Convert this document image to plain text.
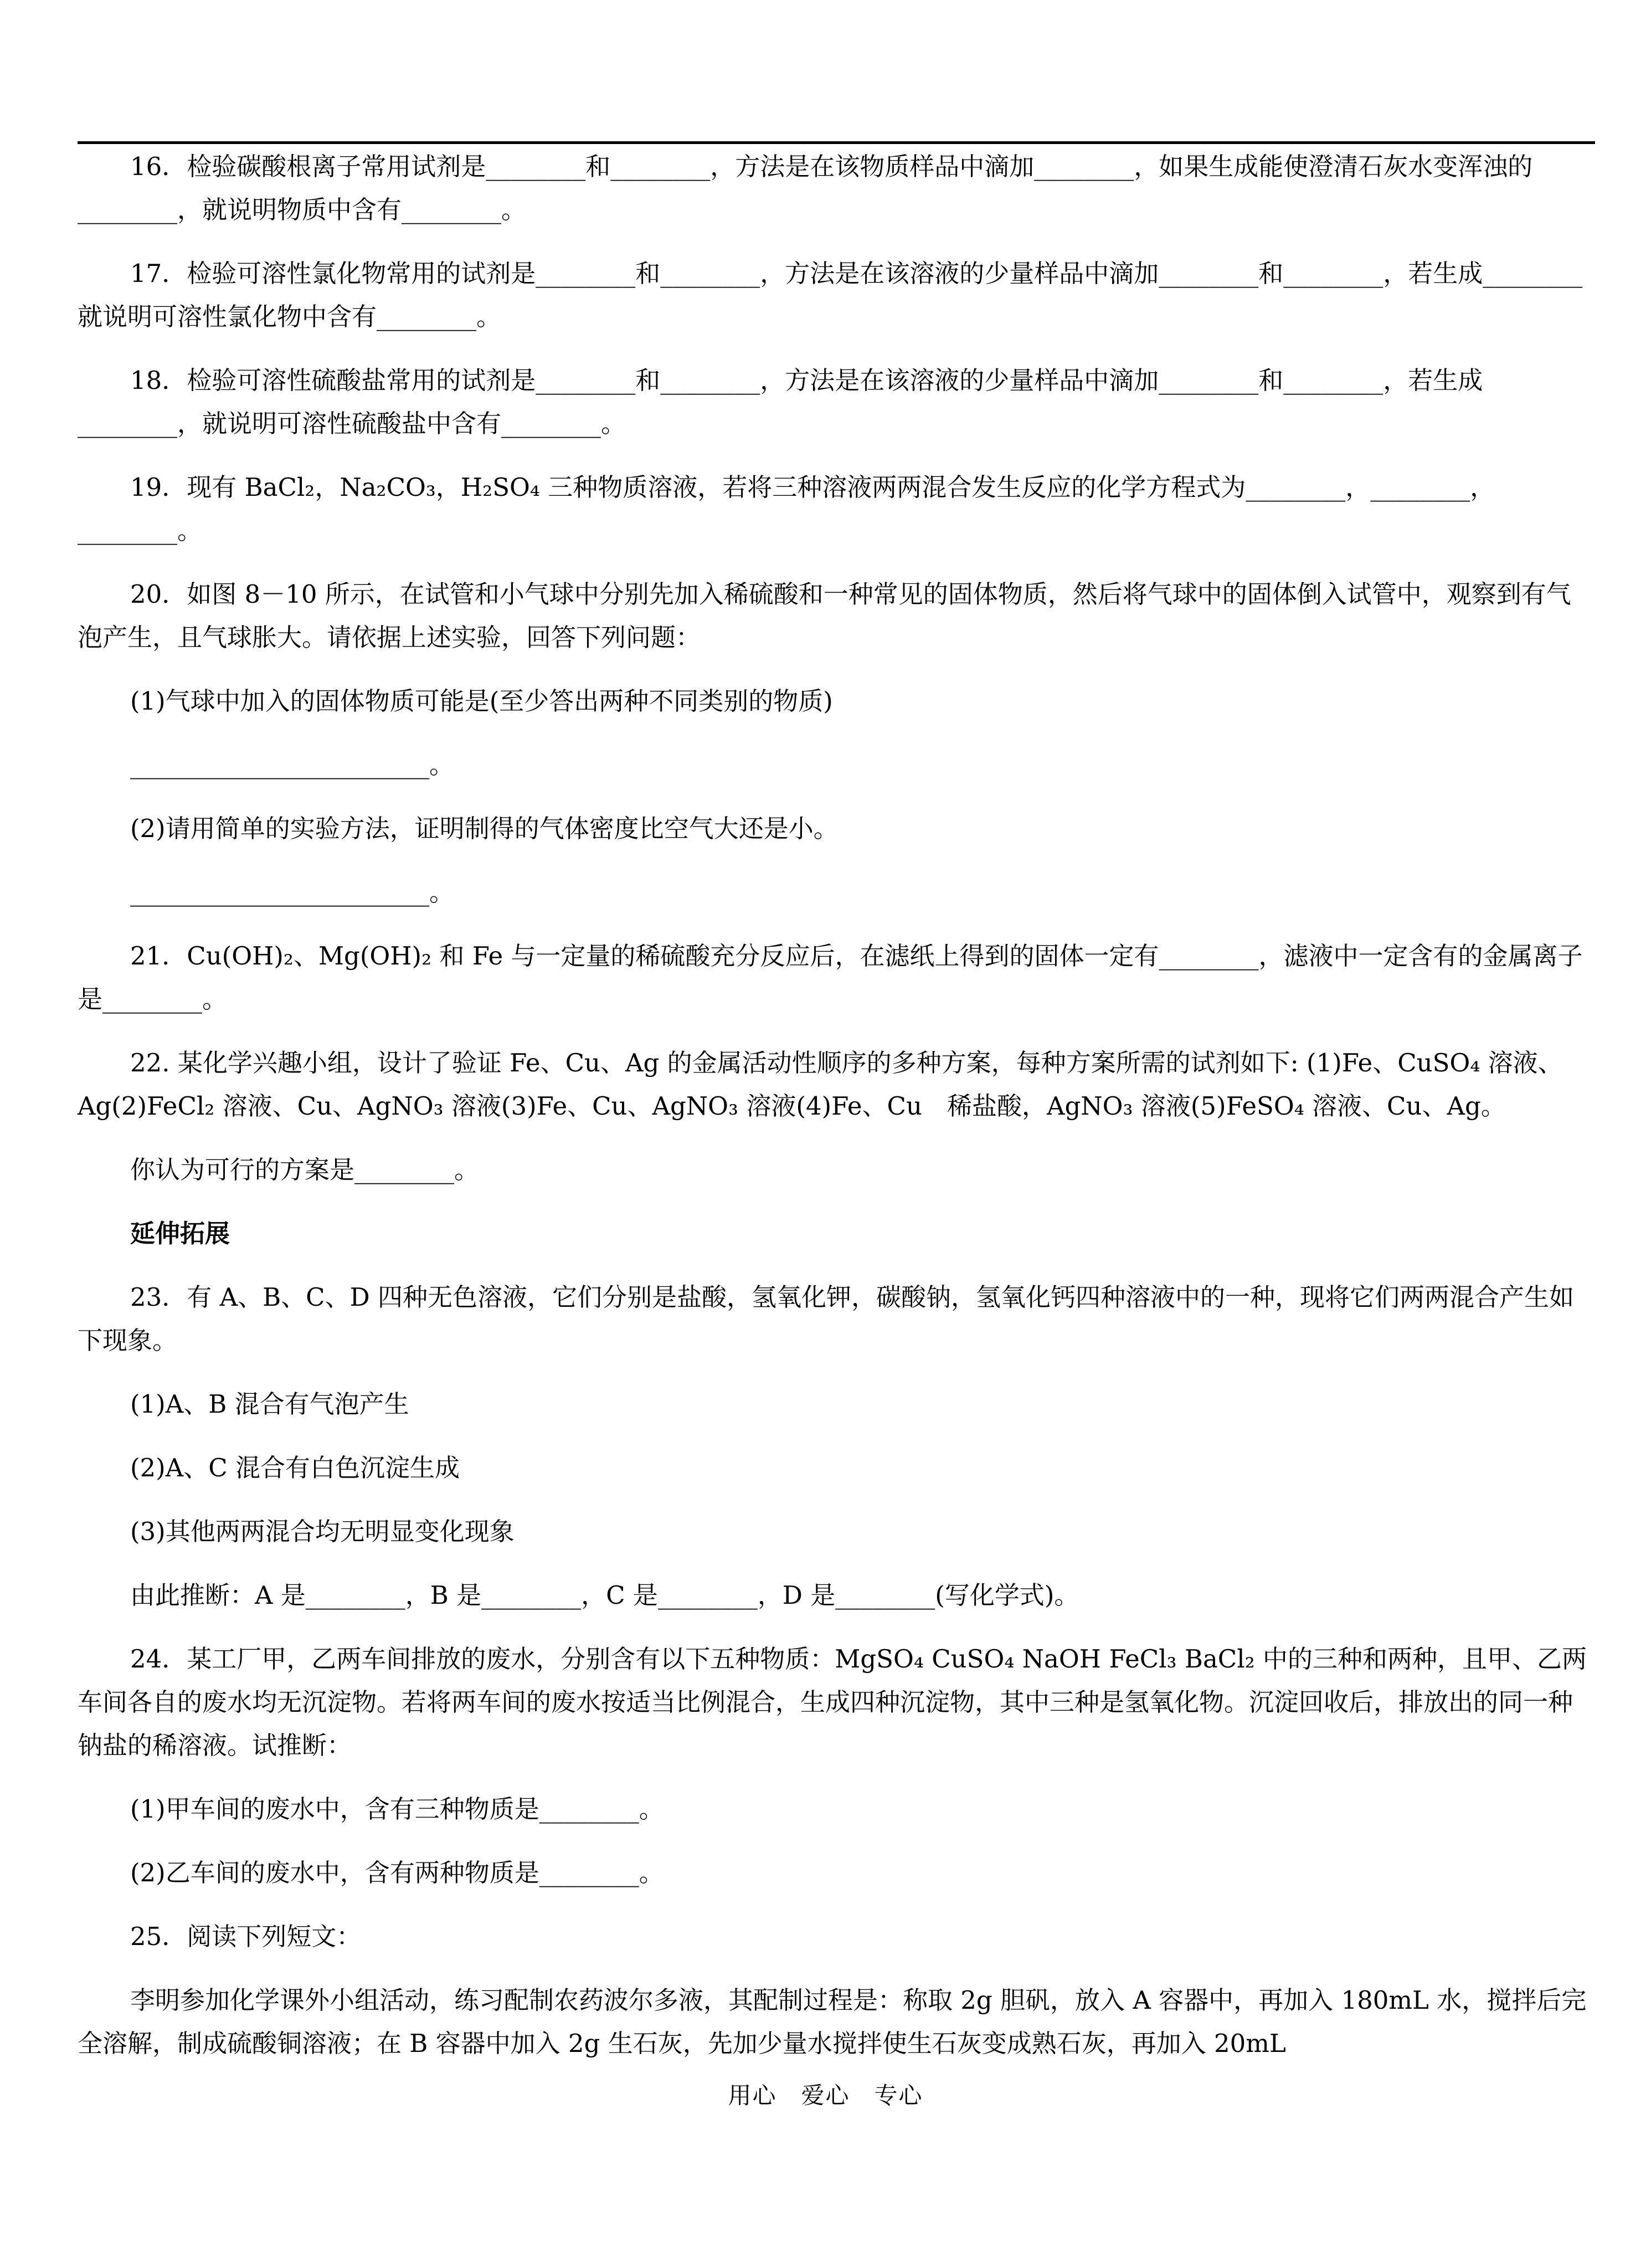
16．检验碳酸根离子常用试剂是________和________，方法是在该物质样品中滴加________，如果生成能使澄清石灰水变浑浊的________，就说明物质中含有________。

17．检验可溶性氯化物常用的试剂是________和________，方法是在该溶液的少量样品中滴加________和________，若生成________就说明可溶性氯化物中含有________。

18．检验可溶性硫酸盐常用的试剂是________和________，方法是在该溶液的少量样品中滴加________和________，若生成________，就说明可溶性硫酸盐中含有________。

19．现有 BaCl₂，Na₂CO₃，H₂SO₄ 三种物质溶液，若将三种溶液两两混合发生反应的化学方程式为________，________，________。

20．如图 8－10 所示，在试管和小气球中分别先加入稀硫酸和一种常见的固体物质，然后将气球中的固体倒入试管中，观察到有气泡产生，且气球胀大。请依据上述实验，回答下列问题：

(1)气球中加入的固体物质可能是(至少答出两种不同类别的物质)

________________________。

(2)请用简单的实验方法，证明制得的气体密度比空气大还是小。

________________________。

21．Cu(OH)₂、Mg(OH)₂ 和 Fe 与一定量的稀硫酸充分反应后，在滤纸上得到的固体一定有________，滤液中一定含有的金属离子是________。

22. 某化学兴趣小组，设计了验证 Fe、Cu、Ag 的金属活动性顺序的多种方案，每种方案所需的试剂如下: (1)Fe、CuSO₄ 溶液、Ag(2)FeCl₂ 溶液、Cu、AgNO₃ 溶液(3)Fe、Cu、AgNO₃ 溶液(4)Fe、Cu　稀盐酸，AgNO₃ 溶液(5)FeSO₄ 溶液、Cu、Ag。

你认为可行的方案是________。

延伸拓展

23．有 A、B、C、D 四种无色溶液，它们分别是盐酸，氢氧化钾，碳酸钠，氢氧化钙四种溶液中的一种，现将它们两两混合产生如下现象。

(1)A、B 混合有气泡产生

(2)A、C 混合有白色沉淀生成

(3)其他两两混合均无明显变化现象

由此推断：A 是________，B 是________，C 是________，D 是________(写化学式)。

24．某工厂甲，乙两车间排放的废水，分别含有以下五种物质：MgSO₄ CuSO₄ NaOH FeCl₃ BaCl₂ 中的三种和两种，且甲、乙两车间各自的废水均无沉淀物。若将两车间的废水按适当比例混合，生成四种沉淀物，其中三种是氢氧化物。沉淀回收后，排放出的同一种钠盐的稀溶液。试推断：

(1)甲车间的废水中，含有三种物质是________。

(2)乙车间的废水中，含有两种物质是________。

25．阅读下列短文：

李明参加化学课外小组活动，练习配制农药波尔多液，其配制过程是：称取 2g 胆矾，放入 A 容器中，再加入 180mL 水，搅拌后完全溶解，制成硫酸铜溶液；在 B 容器中加入 2g 生石灰，先加少量水搅拌使生石灰变成熟石灰，再加入 20mL

用心　爱心　专心
